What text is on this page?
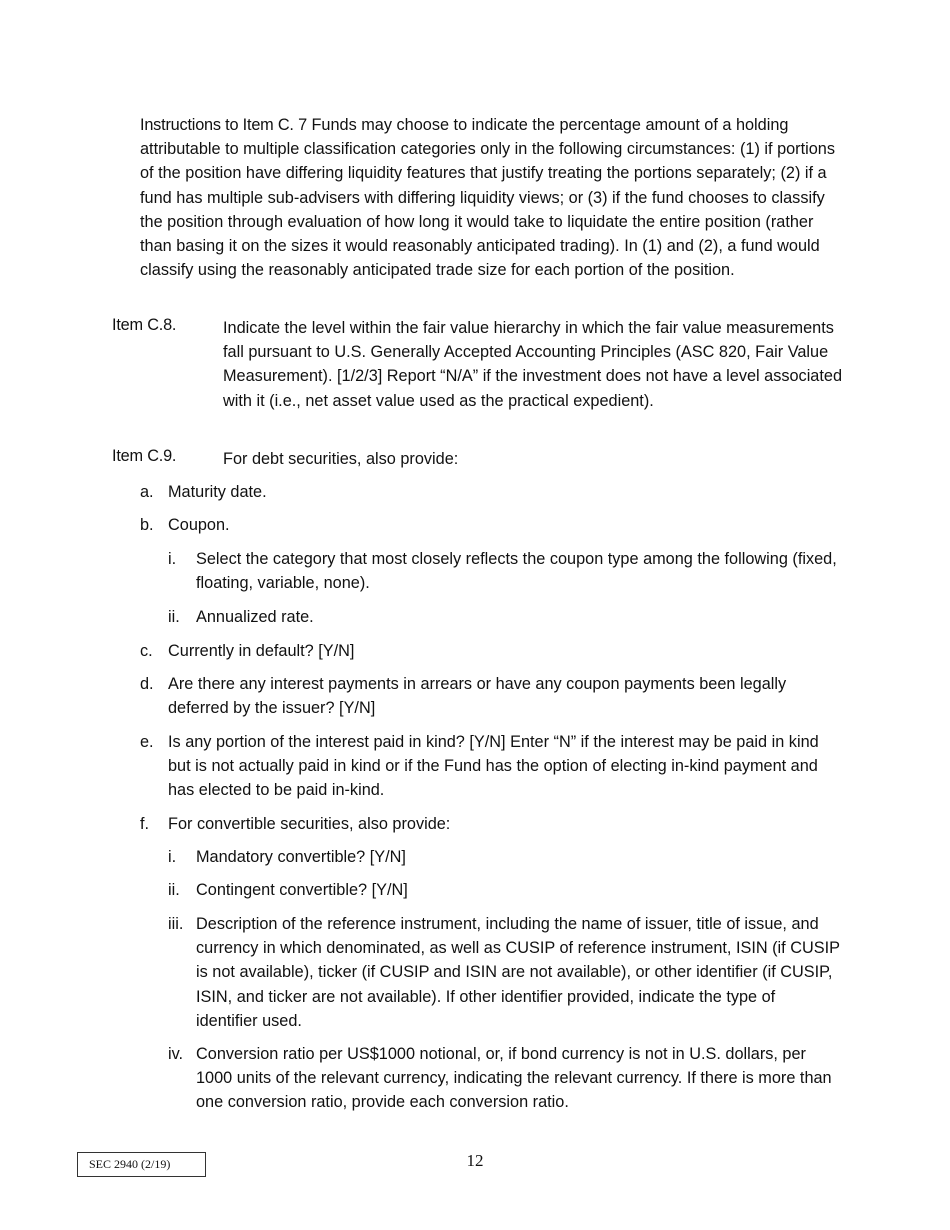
Instructions to Item C. 7 Funds may choose to indicate the percentage amount of a holding attributable to multiple classification categories only in the following circumstances: (1) if portions of the position have differing liquidity features that justify treating the portions separately; (2) if a fund has multiple sub-advisers with differing liquidity views; or (3) if the fund chooses to classify the position through evaluation of how long it would take to liquidate the entire position (rather than basing it on the sizes it would reasonably anticipated trading). In (1) and (2), a fund would classify using the reasonably anticipated trade size for each portion of the position.
Item C.8.	Indicate the level within the fair value hierarchy in which the fair value measurements fall pursuant to U.S. Generally Accepted Accounting Principles (ASC 820, Fair Value Measurement). [1/2/3] Report “N/A” if the investment does not have a level associated with it (i.e., net asset value used as the practical expedient).
Item C.9.	For debt securities, also provide:
a. Maturity date.
b. Coupon.
i. Select the category that most closely reflects the coupon type among the following (fixed, floating, variable, none).
ii. Annualized rate.
c. Currently in default? [Y/N]
d. Are there any interest payments in arrears or have any coupon payments been legally deferred by the issuer? [Y/N]
e. Is any portion of the interest paid in kind? [Y/N] Enter “N” if the interest may be paid in kind but is not actually paid in kind or if the Fund has the option of electing in-kind payment and has elected to be paid in-kind.
f. For convertible securities, also provide:
i. Mandatory convertible? [Y/N]
ii. Contingent convertible? [Y/N]
iii. Description of the reference instrument, including the name of issuer, title of issue, and currency in which denominated, as well as CUSIP of reference instrument, ISIN (if CUSIP is not available), ticker (if CUSIP and ISIN are not available), or other identifier (if CUSIP, ISIN, and ticker are not available). If other identifier provided, indicate the type of identifier used.
iv. Conversion ratio per US$1000 notional, or, if bond currency is not in U.S. dollars, per 1000 units of the relevant currency, indicating the relevant currency. If there is more than one conversion ratio, provide each conversion ratio.
SEC 2940 (2/19)	12
